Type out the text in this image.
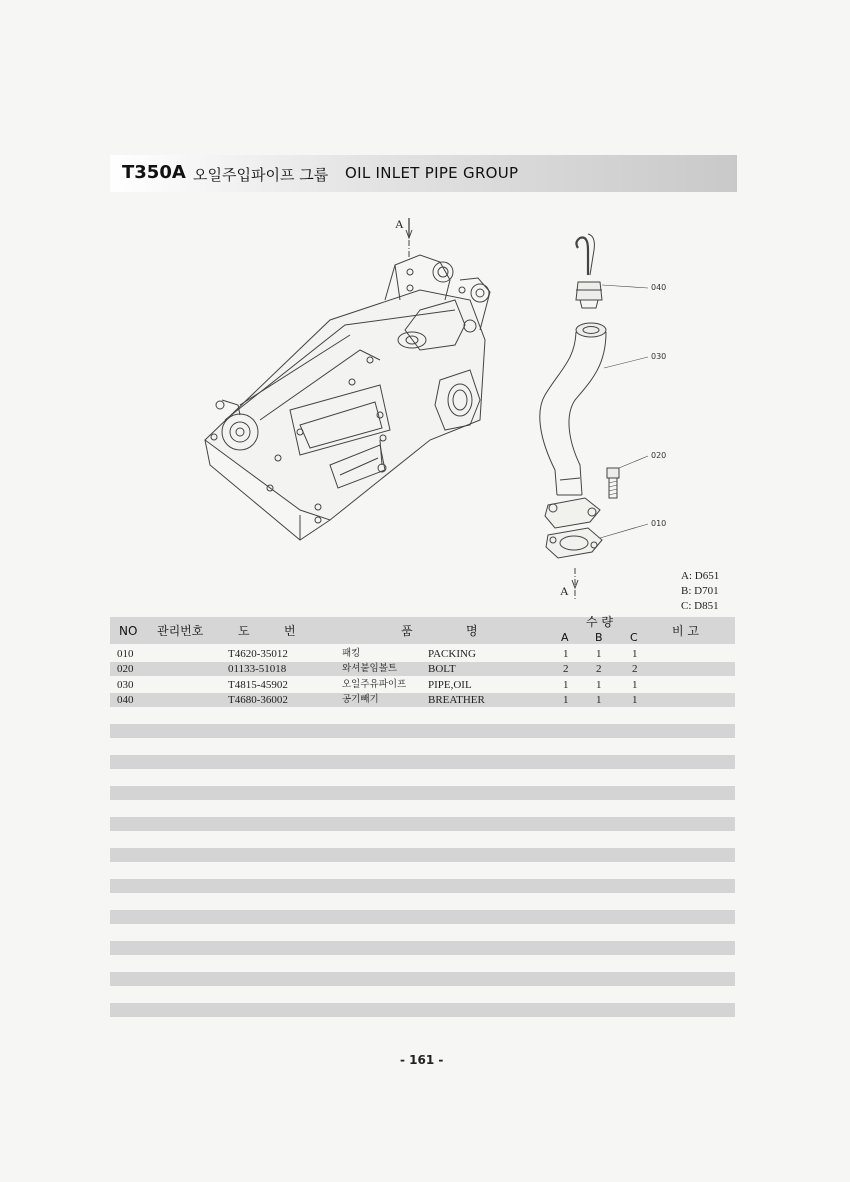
T350A 오일주입파이프 그룹 OIL INLET PIPE GROUP
A
A
040
030
020
010
A: D651
B: D701
C: D851
NO 관리번호	도	번	품	명
수 량
A B C	비 고
010	T4620-35012	패킹	PACKING	1	1	1
020	01133-51018	와셔붙임볼트	BOLT	2	2	2
030	T4815-45902	오일주유파이프 PIPE,OIL	1	1	1
040	T4680-36002	공기빼기	BREATHER	1	1	1
- 161 -
